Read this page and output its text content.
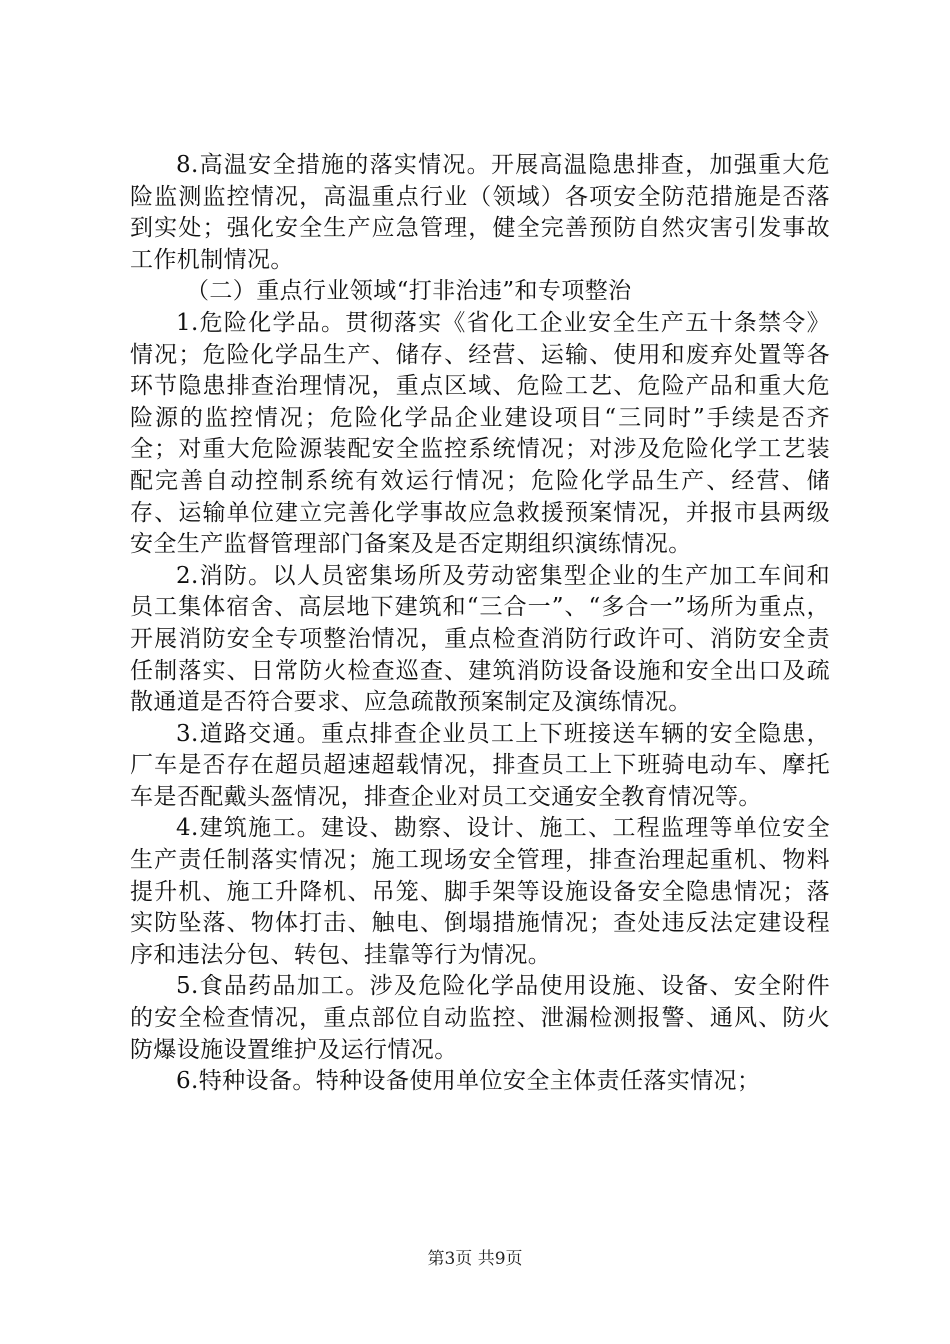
8.高温安全措施的落实情况。开展高温隐患排查，加强重大危险监测监控情况，高温重点行业（领域）各项安全防范措施是否落到实处；强化安全生产应急管理，健全完善预防自然灾害引发事故工作机制情况。

（二）重点行业领域“打非治违”和专项整治

1.危险化学品。贯彻落实《省化工企业安全生产五十条禁令》情况；危险化学品生产、储存、经营、运输、使用和废弃处置等各环节隐患排查治理情况，重点区域、危险工艺、危险产品和重大危险源的监控情况；危险化学品企业建设项目“三同时”手续是否齐全；对重大危险源装配安全监控系统情况；对涉及危险化学工艺装配完善自动控制系统有效运行情况；危险化学品生产、经营、储存、运输单位建立完善化学事故应急救援预案情况，并报市县两级安全生产监督管理部门备案及是否定期组织演练情况。

2.消防。以人员密集场所及劳动密集型企业的生产加工车间和员工集体宿舍、高层地下建筑和“三合一”、“多合一”场所为重点，开展消防安全专项整治情况，重点检查消防行政许可、消防安全责任制落实、日常防火检查巡查、建筑消防设备设施和安全出口及疏散通道是否符合要求、应急疏散预案制定及演练情况。

3.道路交通。重点排查企业员工上下班接送车辆的安全隐患，厂车是否存在超员超速超载情况，排查员工上下班骑电动车、摩托车是否配戴头盔情况，排查企业对员工交通安全教育情况等。

4.建筑施工。建设、勘察、设计、施工、工程监理等单位安全生产责任制落实情况；施工现场安全管理，排查治理起重机、物料提升机、施工升降机、吊笼、脚手架等设施设备安全隐患情况；落实防坠落、物体打击、触电、倒塌措施情况；查处违反法定建设程序和违法分包、转包、挂靠等行为情况。

5.食品药品加工。涉及危险化学品使用设施、设备、安全附件的安全检查情况，重点部位自动监控、泄漏检测报警、通风、防火防爆设施设置维护及运行情况。

6.特种设备。特种设备使用单位安全主体责任落实情况；

第3页 共9页
